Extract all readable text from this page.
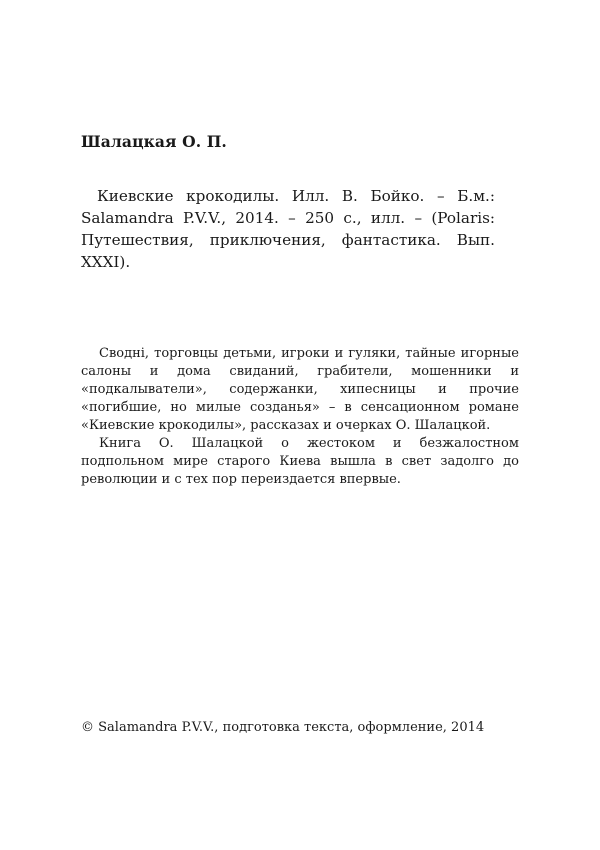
Шалацкая О. П.

Киевские крокодилы. Илл. В. Бойко. – Б.м.: Salamandra P.V.V., 2014. – 250 с., илл. – (Polaris: Путешествия, приключения, фантастика. Вып. XXXI).

Своднi, торговцы детьми, игроки и гуляки, тайные игорные салоны и дома свиданий, грабители, мошенники и «подкалыватели», содержанки, хипесницы и прочие «погибшие, но милые созданья» – в сенсационном романе «Киевские крокодилы», рассказах и очерках О. Шалацкой.

Книга О. Шалацкой о жестоком и безжалостном подпольном мире старого Киева вышла в свет задолго до революции и с тех пор переиздается впервые.

© Salamandra P.V.V., подготовка текста, оформление, 2014
